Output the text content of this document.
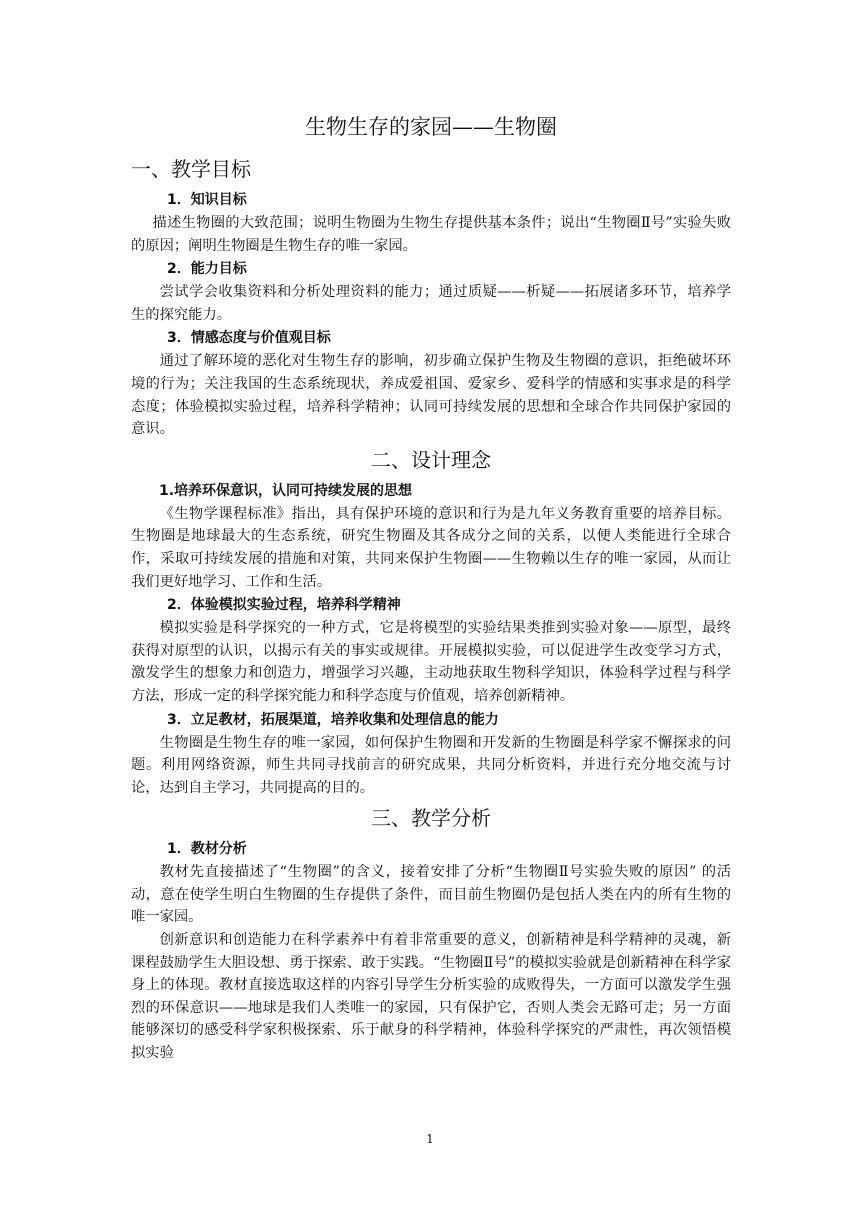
生物生存的家园——生物圈
一、教学目标
1．知识目标

描述生物圈的大致范围；说明生物圈为生物生存提供基本条件；说出“生物圈Ⅱ号”实验失败的原因；阐明生物圈是生物生存的唯一家园。

2．能力目标

尝试学会收集资料和分析处理资料的能力；通过质疑——析疑——拓展诸多环节，培养学生的探究能力。

3．情感态度与价值观目标

通过了解环境的恶化对生物生存的影响，初步确立保护生物及生物圈的意识，拒绝破坏环境的行为；关注我国的生态系统现状，养成爱祖国、爱家乡、爱科学的情感和实事求是的科学态度；体验模拟实验过程，培养科学精神；认同可持续发展的思想和全球合作共同保护家园的意识。

二、设计理念
1.培养环保意识，认同可持续发展的思想

《生物学课程标准》指出，具有保护环境的意识和行为是九年义务教育重要的培养目标。生物圈是地球最大的生态系统，研究生物圈及其各成分之间的关系，以便人类能进行全球合作，采取可持续发展的措施和对策，共同来保护生物圈——生物赖以生存的唯一家园，从而让我们更好地学习、工作和生活。

2．体验模拟实验过程，培养科学精神

模拟实验是科学探究的一种方式，它是将模型的实验结果类推到实验对象——原型，最终获得对原型的认识，以揭示有关的事实或规律。开展模拟实验，可以促进学生改变学习方式，激发学生的想象力和创造力，增强学习兴趣，主动地获取生物科学知识，体验科学过程与科学方法，形成一定的科学探究能力和科学态度与价值观，培养创新精神。

3．立足教材，拓展渠道，培养收集和处理信息的能力

生物圈是生物生存的唯一家园，如何保护生物圈和开发新的生物圈是科学家不懈探求的问题。利用网络资源，师生共同寻找前言的研究成果，共同分析资料，并进行充分地交流与讨论，达到自主学习，共同提高的目的。

三、教学分析
1．教材分析

教材先直接描述了“生物圈”的含义，接着安排了分析“生物圈Ⅱ号实验失败的原因” 的活动，意在使学生明白生物圈的生存提供了条件，而目前生物圈仍是包括人类在内的所有生物的唯一家园。

创新意识和创造能力在科学素养中有着非常重要的意义，创新精神是科学精神的灵魂，新课程鼓励学生大胆设想、勇于探索、敢于实践。“生物圈Ⅱ号”的模拟实验就是创新精神在科学家身上的体现。教材直接选取这样的内容引导学生分析实验的成败得失，一方面可以激发学生强烈的环保意识——地球是我们人类唯一的家园，只有保护它，否则人类会无路可走；另一方面能够深切的感受科学家积极探索、乐于献身的科学精神，体验科学探究的严肃性，再次领悟模拟实验

1
